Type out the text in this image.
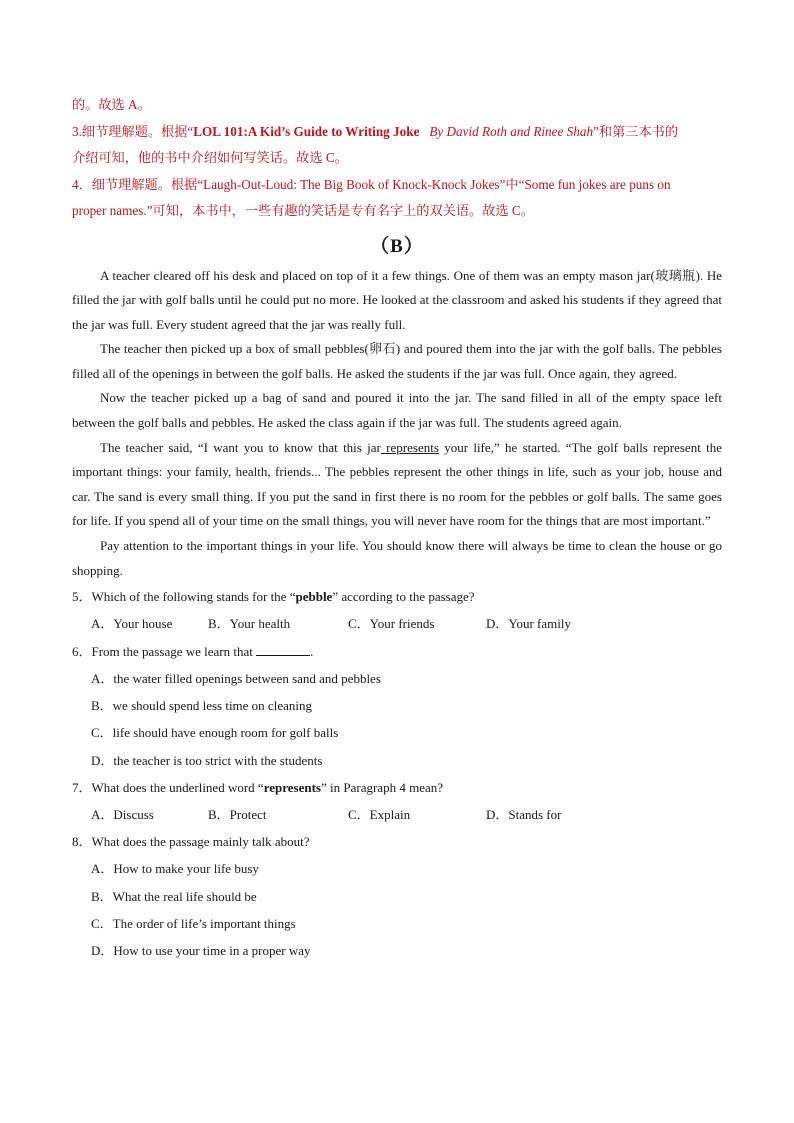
的。故选 A。
3.细节理解题。根据“LOL 101:A Kid’s Guide to Writing Joke By David Roth and Rinee Shah”和第三本书的
介绍可知，他的书中介绍如何写笑话。故选 C。
4．细节理解题。根据“Laugh-Out-Loud: The Big Book of Knock-Knock Jokes”中“Some fun jokes are puns on
proper names.”可知，本书中，一些有趣的笑话是专有名字上的双关语。故选 C。
（B）

A teacher cleared off his desk and placed on top of it a few things. One of them was an empty mason jar(玻璃瓶). He filled the jar with golf balls until he could put no more. He looked at the classroom and asked his students if they agreed that the jar was full. Every student agreed that the jar was really full.

The teacher then picked up a box of small pebbles(卵石) and poured them into the jar with the golf balls. The pebbles filled all of the openings in between the golf balls. He asked the students if the jar was full. Once again, they agreed.

Now the teacher picked up a bag of sand and poured it into the jar. The sand filled in all of the empty space left between the golf balls and pebbles. He asked the class again if the jar was full. The students agreed again.

The teacher said, “I want you to know that this jar represents your life,” he started. “The golf balls represent the important things: your family, health, friends... The pebbles represent the other things in life, such as your job, house and car. The sand is every small thing. If you put the sand in first there is no room for the pebbles or golf balls. The same goes for life. If you spend all of your time on the small things, you will never have room for the things that are most important.”

Pay attention to the important things in your life. You should know there will always be time to clean the house or go shopping.

5．Which of the following stands for the “pebble” according to the passage?
A．Your house	B．Your health	C．Your friends	D．Your family
6．From the passage we learn that	.
A．the water filled openings between sand and pebbles
B．we should spend less time on cleaning
C．life should have enough room for golf balls
D．the teacher is too strict with the students
7．What does the underlined word “represents” in Paragraph 4 mean?
A．Discuss	B．Protect	C．Explain	D．Stands for
8．What does the passage mainly talk about?
A．How to make your life busy
B．What the real life should be
C．The order of life’s important things
D．How to use your time in a proper way
